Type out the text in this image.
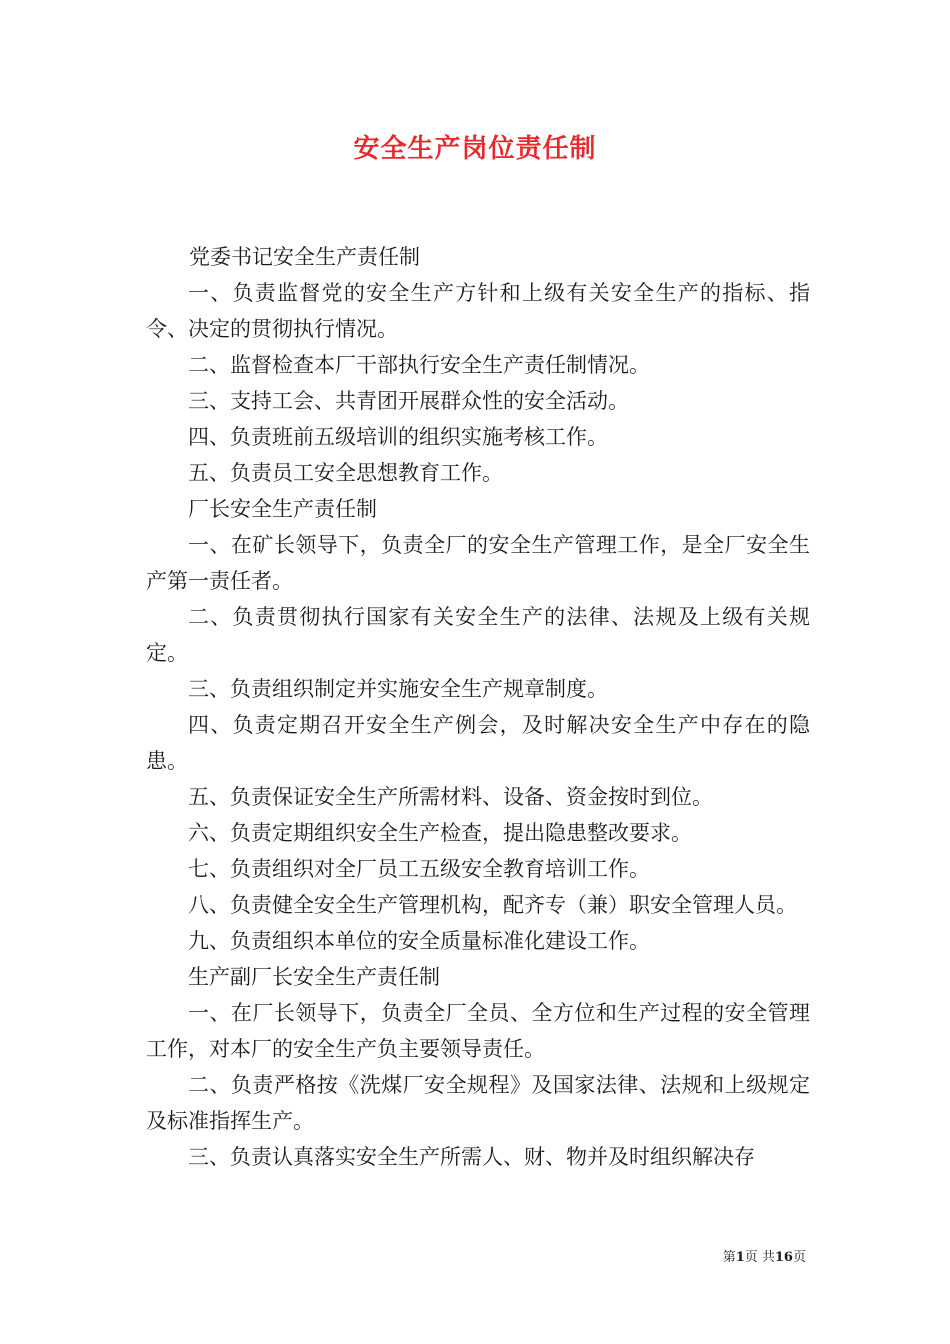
安全生产岗位责任制

党委书记安全生产责任制

一、负责监督党的安全生产方针和上级有关安全生产的指标、指令、决定的贯彻执行情况。

二、监督检查本厂干部执行安全生产责任制情况。

三、支持工会、共青团开展群众性的安全活动。

四、负责班前五级培训的组织实施考核工作。

五、负责员工安全思想教育工作。

厂长安全生产责任制

一、在矿长领导下，负责全厂的安全生产管理工作，是全厂安全生产第一责任者。

二、负责贯彻执行国家有关安全生产的法律、法规及上级有关规定。

三、负责组织制定并实施安全生产规章制度。

四、负责定期召开安全生产例会，及时解决安全生产中存在的隐患。

五、负责保证安全生产所需材料、设备、资金按时到位。

六、负责定期组织安全生产检查，提出隐患整改要求。

七、负责组织对全厂员工五级安全教育培训工作。

八、负责健全安全生产管理机构，配齐专（兼）职安全管理人员。

九、负责组织本单位的安全质量标准化建设工作。

生产副厂长安全生产责任制

一、在厂长领导下，负责全厂全员、全方位和生产过程的安全管理工作，对本厂的安全生产负主要领导责任。

二、负责严格按《洗煤厂安全规程》及国家法律、法规和上级规定及标准指挥生产。

三、负责认真落实安全生产所需人、财、物并及时组织解决存

第1页 共16页
